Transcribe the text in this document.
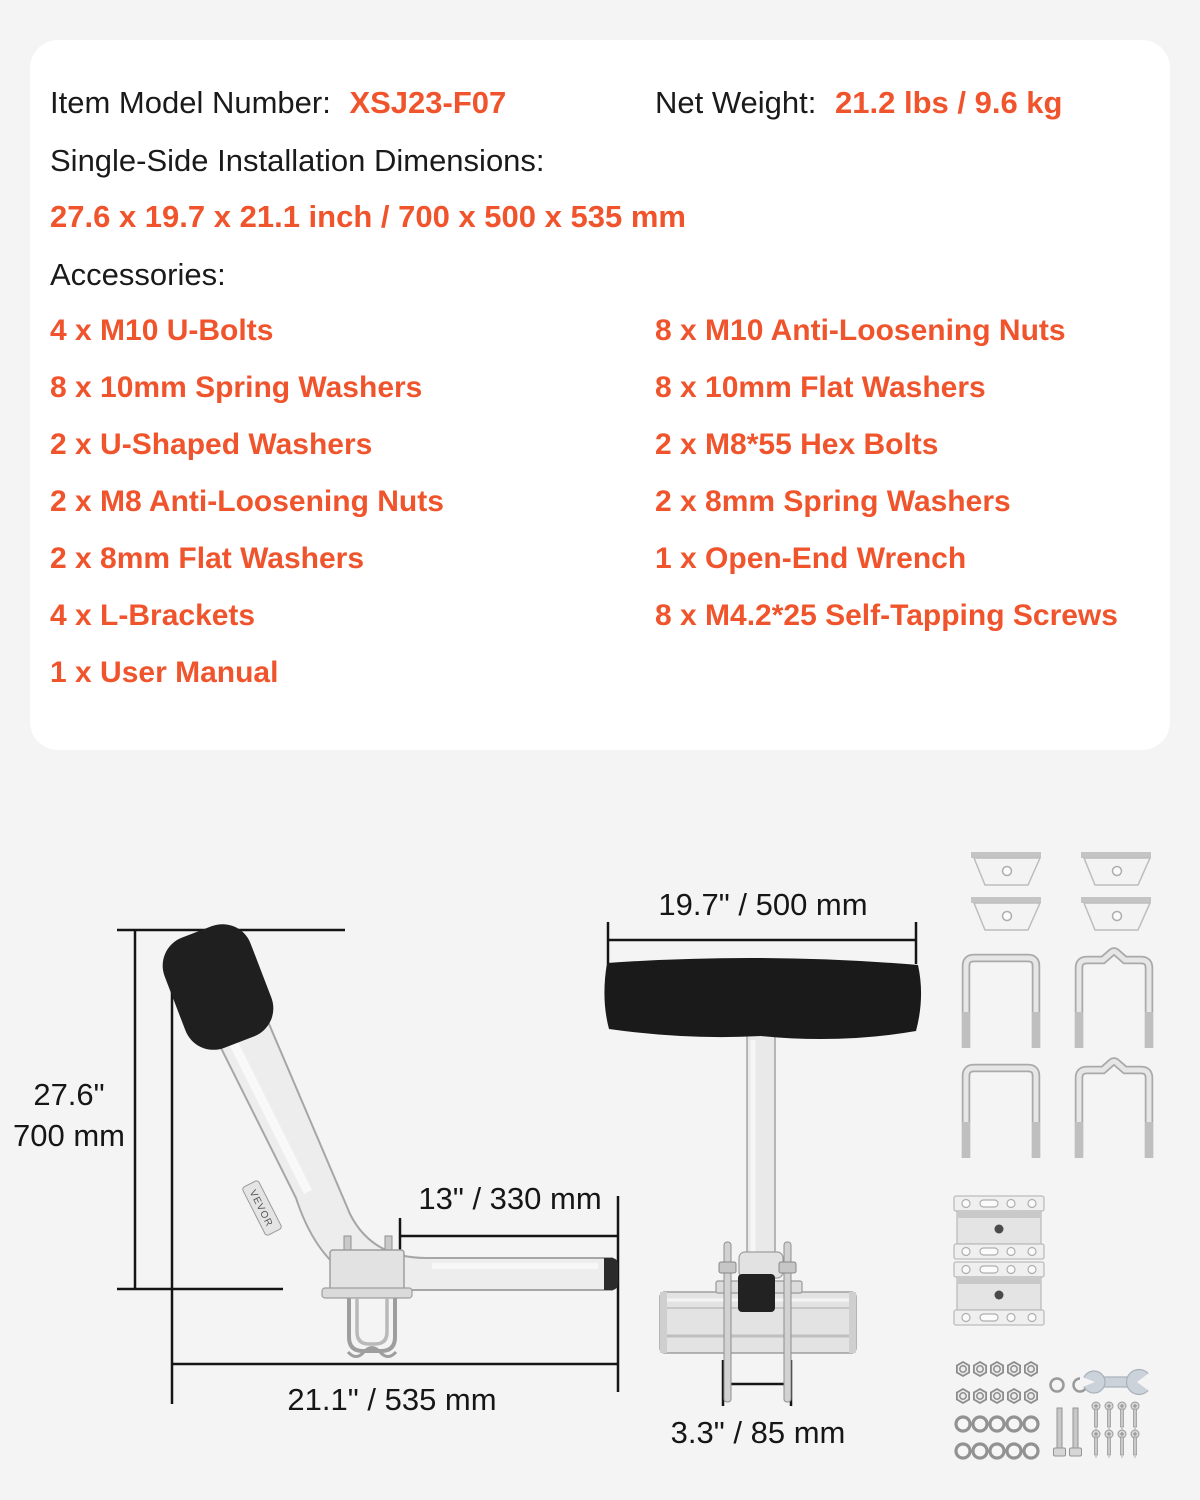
Item Model Number: XSJ23-F07	Net Weight: 21.2 lbs / 9.6 kg
Single-Side Installation Dimensions:
27.6 x 19.7 x 21.1 inch / 700 x 500 x 535 mm
Accessories:
4 x M10 U-Bolts	8 x M10 Anti-Loosening Nuts
8 x 10mm Spring Washers	8 x 10mm Flat Washers
2 x U-Shaped Washers	2 x M8*55 Hex Bolts
2 x M8 Anti-Loosening Nuts	2 x 8mm Spring Washers
2 x 8mm Flat Washers	1 x Open-End Wrench
4 x L-Brackets	8 x M4.2*25 Self-Tapping Screws
1 x User Manual
VEVOR
27.6"
700 mm
13" / 330 mm
21.1" / 535 mm
19.7" / 500 mm
3.3" / 85 mm
